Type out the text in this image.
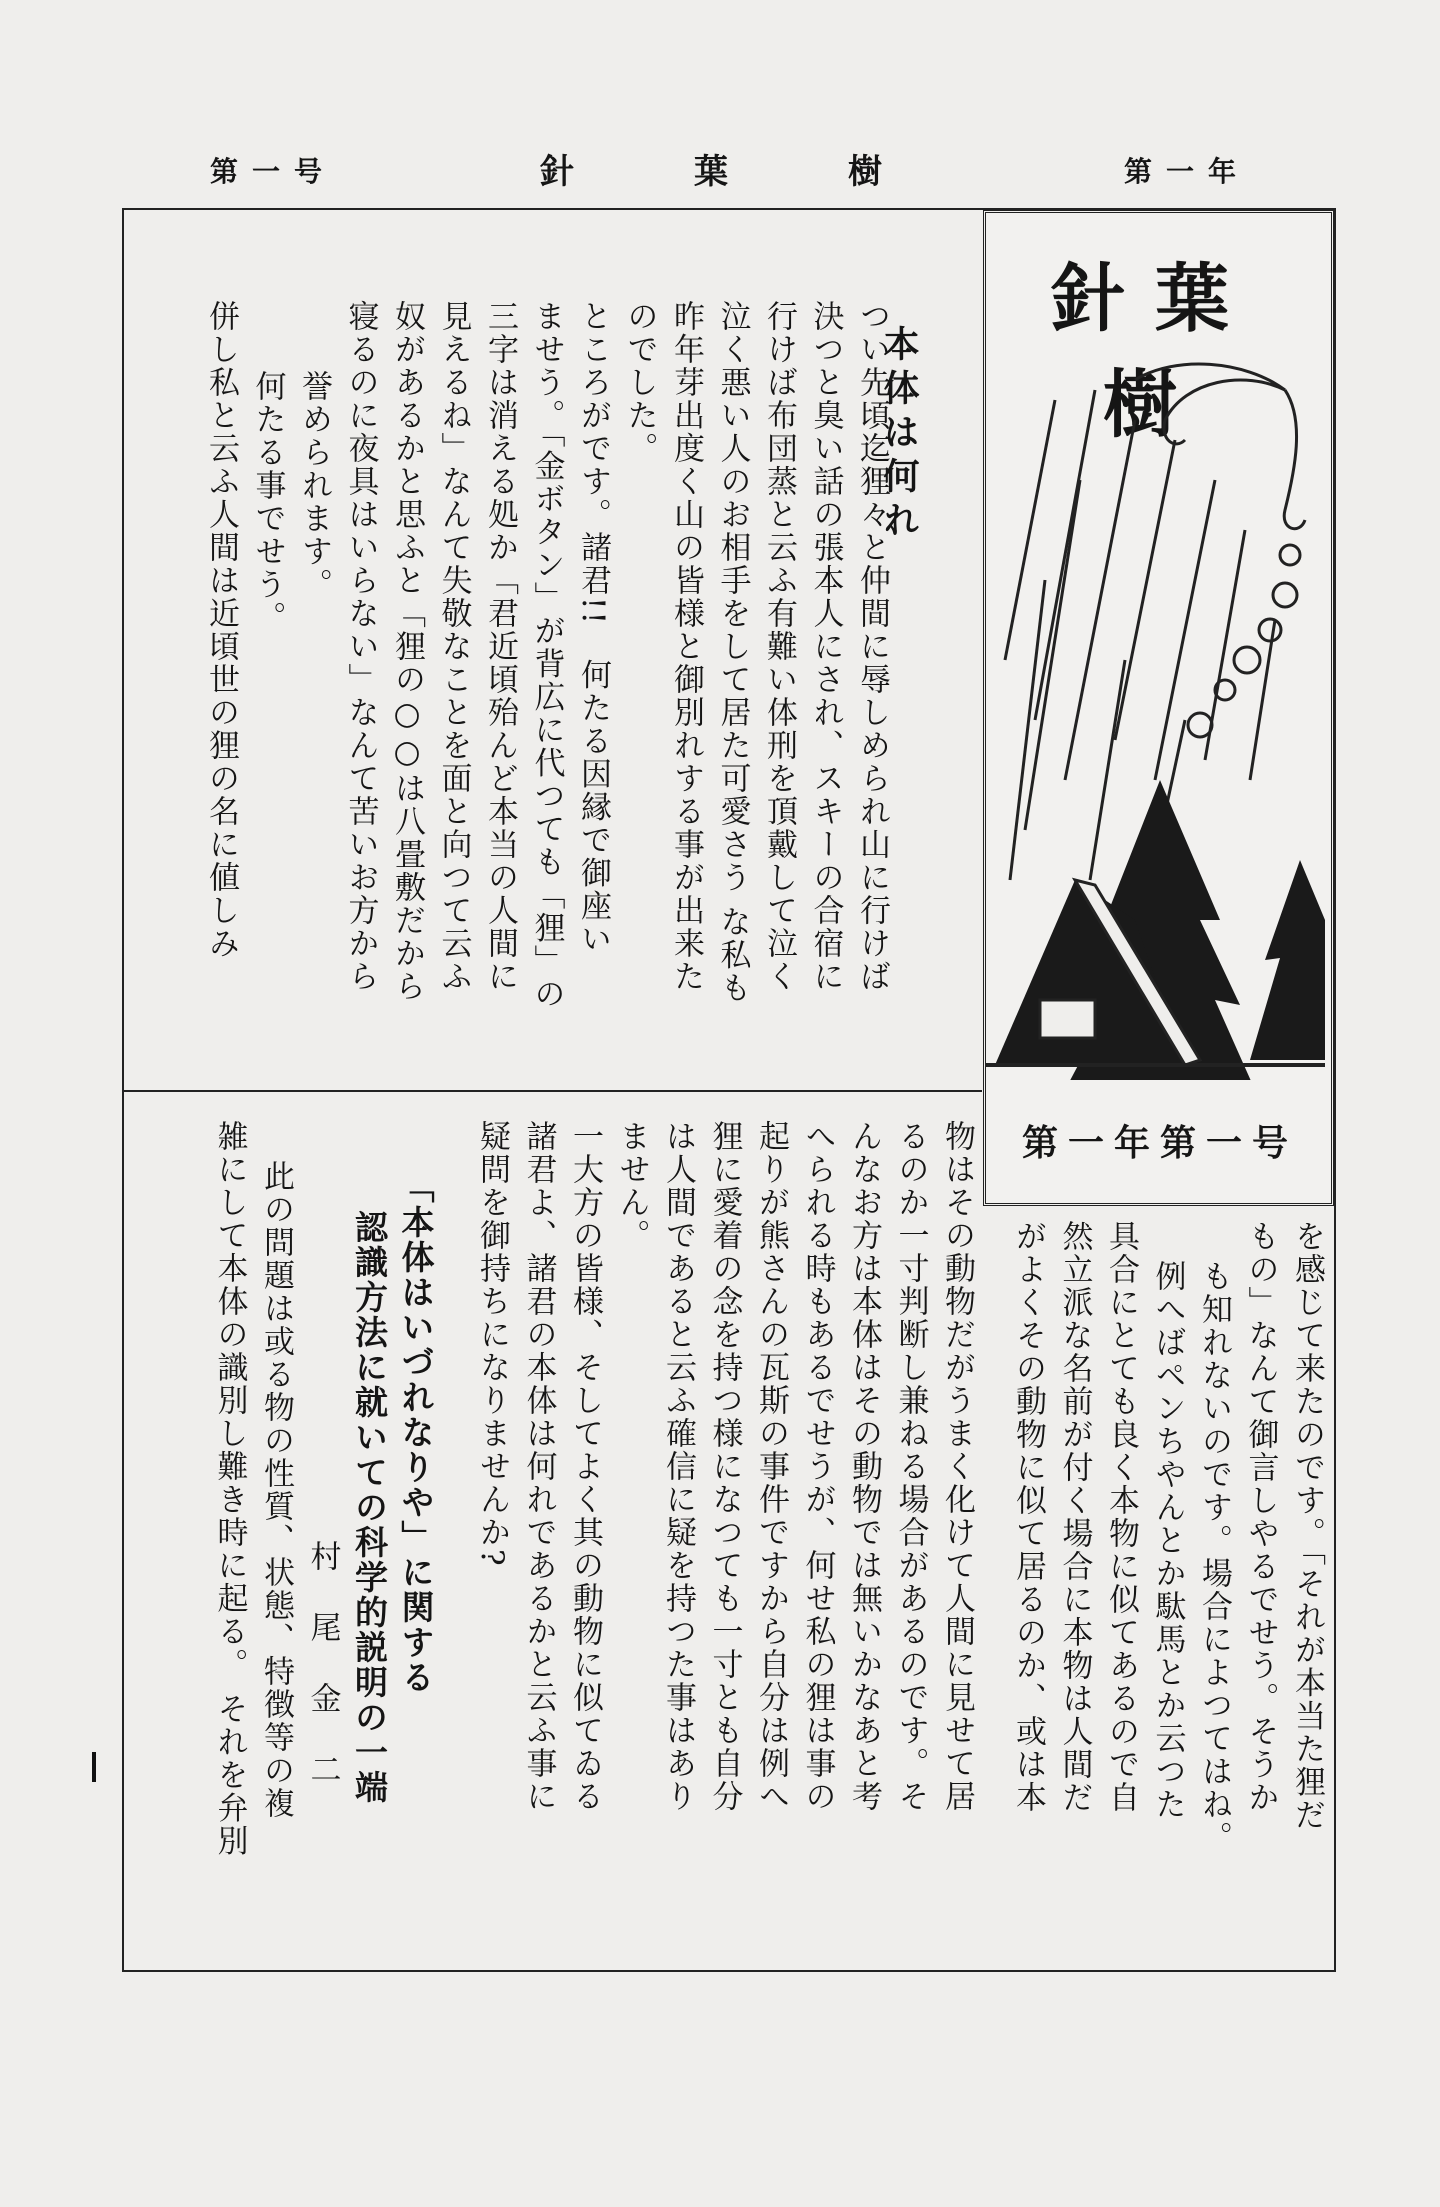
第一年
針葉樹
第一号
針葉樹
第一年第一号
本体は何れ
つい先頃迄狸々と仲間に辱しめられ山に行けば
決つと臭い話の張本人にされ、スキーの合宿に
行けば布団蒸と云ふ有難い体刑を頂戴して泣く
泣く悪い人のお相手をして居た可愛さう な私も
昨年芽出度く山の皆様と御別れする事が出来た
のでした。
ところがです。諸君!!　何たる因縁で御座い
ませう。「金ボタン」が背広に代つても「狸」の
三字は消える処か「君近頃殆んど本当の人間に
見えるね」なんて失敬なことを面と向つて云ふ
奴があるかと思ふと「狸の○○は八畳敷だから
寝るのに夜具はいらない」なんて苦いお方から
誉められます。
何たる事でせう。
併し私と云ふ人間は近頃世の狸の名に値しみ
を感じて来たのです。「それが本当た狸だ
もの」なんて御言しやるでせう。そうか
も知れないのです。場合によつてはね。
例へばペンちやんとか駄馬とか云つた
具合にとても良く本物に似てあるので自
然立派な名前が付く場合に本物は人間だ
がよくその動物に似て居るのか、或は本
物はその動物だがうまく化けて人間に見せて居
るのか一寸判断し兼ねる場合があるのです。そ
んなお方は本体はその動物では無いかなあと考
へられる時もあるでせうが、何せ私の狸は事の
起りが熊さんの瓦斯の事件ですから自分は例へ
狸に愛着の念を持つ様になつても一寸とも自分
は人間であると云ふ確信に疑を持つた事はあり
ません。
一大方の皆様、そしてよく其の動物に似てゐる
諸君よ、諸君の本体は何れであるかと云ふ事に
疑問を御持ちになりませんか?
「本体はいづれなりや」に関する
認識方法に就いての科学的説明の一端
村尾金二
此の問題は或る物の性質、状態、特徴等の複
雑にして本体の識別し難き時に起る。 それを弁別
